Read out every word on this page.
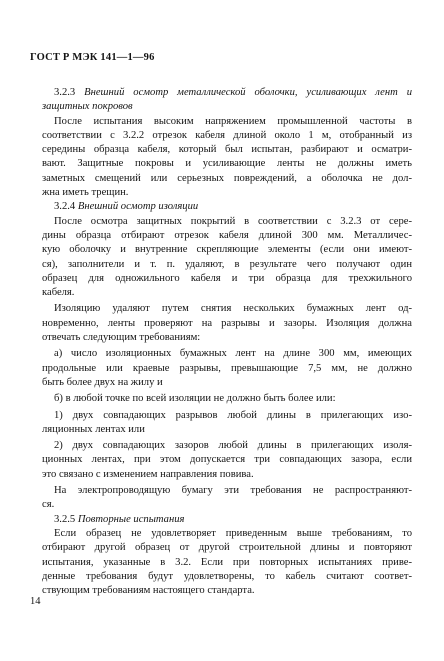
ГОСТ Р МЭК 141—1—96
3.2.3 Внешний осмотр металлической оболочки, усиливающих лент и
защитных покровов
После испытания высоким напряжением промышленной частоты в
соответствии с 3.2.2 отрезок кабеля длиной около 1 м, отобранный из
середины образца кабеля, который был испытан, разбирают и осматри-
вают. Защитные покровы и усиливающие ленты не должны иметь
заметных смещений или серьезных повреждений, а оболочка не дол-
жна иметь трещин.
3.2.4 Внешний осмотр изоляции
После осмотра защитных покрытий в соответствии с 3.2.3 от сере-
дины образца отбирают отрезок кабеля длиной 300 мм. Металличес-
кую оболочку и внутренние скрепляющие элементы (если они имеют-
ся), заполнители и т. п. удаляют, в результате чего получают один
образец для одножильного кабеля и три образца для трехжильного
кабеля.
Изоляцию удаляют путем снятия нескольких бумажных лент од-
новременно, ленты проверяют на разрывы и зазоры. Изоляция должна
отвечать следующим требованиям:
а) число изоляционных бумажных лент на длине 300 мм, имеющих
продольные или краевые разрывы, превышающие 7,5 мм, не должно
быть более двух на жилу и
б) в любой точке по всей изоляции не должно быть более или:
1) двух совпадающих разрывов любой длины в прилегающих изо-
ляционных лентах или
2) двух совпадающих зазоров любой длины в прилегающих изоля-
ционных лентах, при этом допускается три совпадающих зазора, если
это связано с изменением направления повива.
На электропроводящую бумагу эти требования не распространяют-
ся.
3.2.5 Повторные испытания
Если образец не удовлетворяет приведенным выше требованиям, то
отбирают другой образец от другой строительной длины и повторяют
испытания, указанные в 3.2. Если при повторных испытаниях приве-
денные требования будут удовлетворены, то кабель считают соответ-
ствующим требованиям настоящего стандарта.
14
